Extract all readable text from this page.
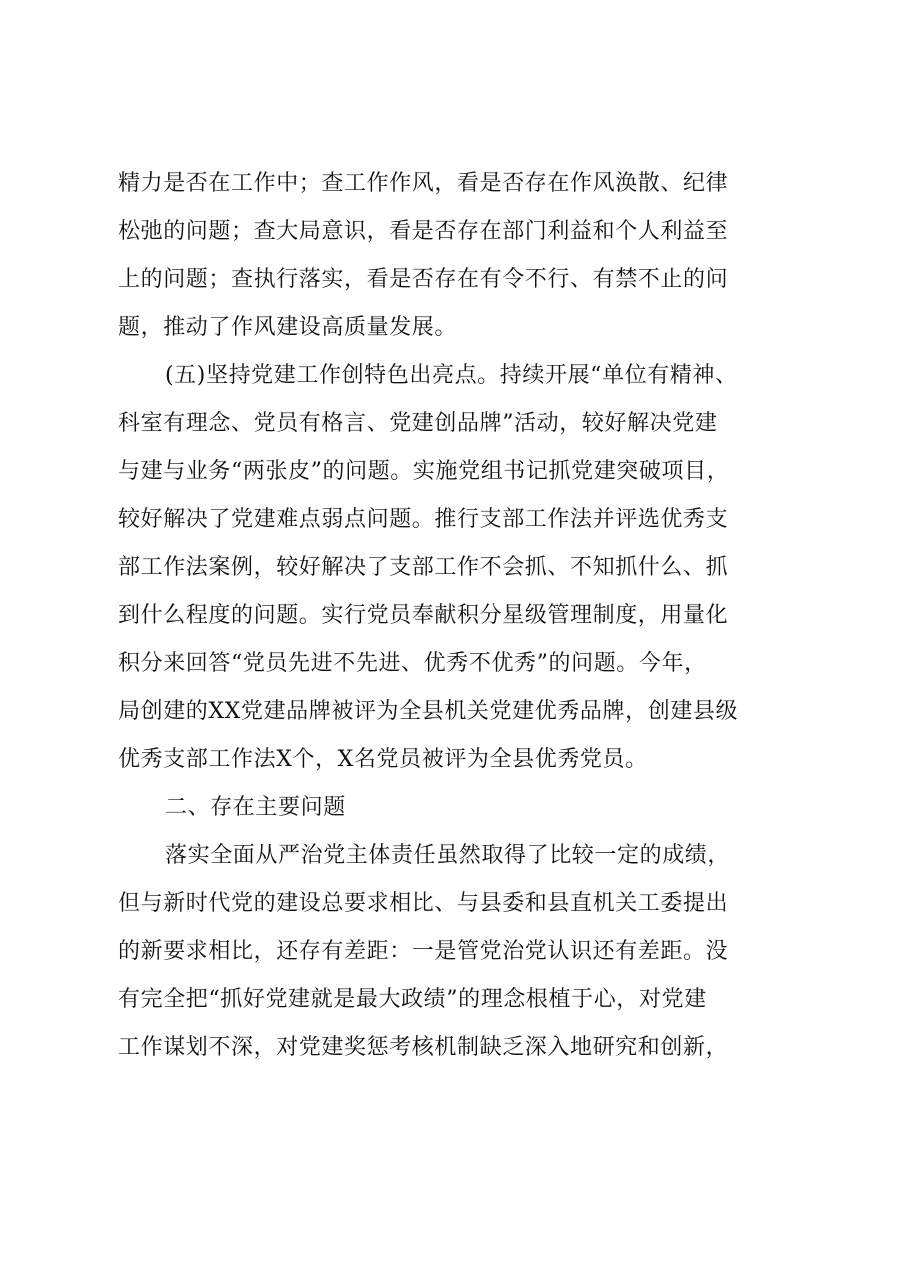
精力是否在工作中；查工作作风，看是否存在作风涣散、纪律
松弛的问题；查大局意识，看是否存在部门利益和个人利益至
上的问题；查执行落实，看是否存在有令不行、有禁不止的问
题，推动了作风建设高质量发展。
(五)坚持党建工作创特色出亮点。持续开展“单位有精神、
科室有理念、党员有格言、党建创品牌”活动，较好解决党建
与建与业务“两张皮”的问题。实施党组书记抓党建突破项目，
较好解决了党建难点弱点问题。推行支部工作法并评选优秀支
部工作法案例，较好解决了支部工作不会抓、不知抓什么、抓
到什么程度的问题。实行党员奉献积分星级管理制度，用量化
积分来回答“党员先进不先进、优秀不优秀”的问题。今年，
局创建的XX党建品牌被评为全县机关党建优秀品牌，创建县级
优秀支部工作法X个，X名党员被评为全县优秀党员。
二、存在主要问题
落实全面从严治党主体责任虽然取得了比较一定的成绩，
但与新时代党的建设总要求相比、与县委和县直机关工委提出
的新要求相比，还存有差距：一是管党治党认识还有差距。没
有完全把“抓好党建就是最大政绩”的理念根植于心，对党建
工作谋划不深，对党建奖惩考核机制缺乏深入地研究和创新，
